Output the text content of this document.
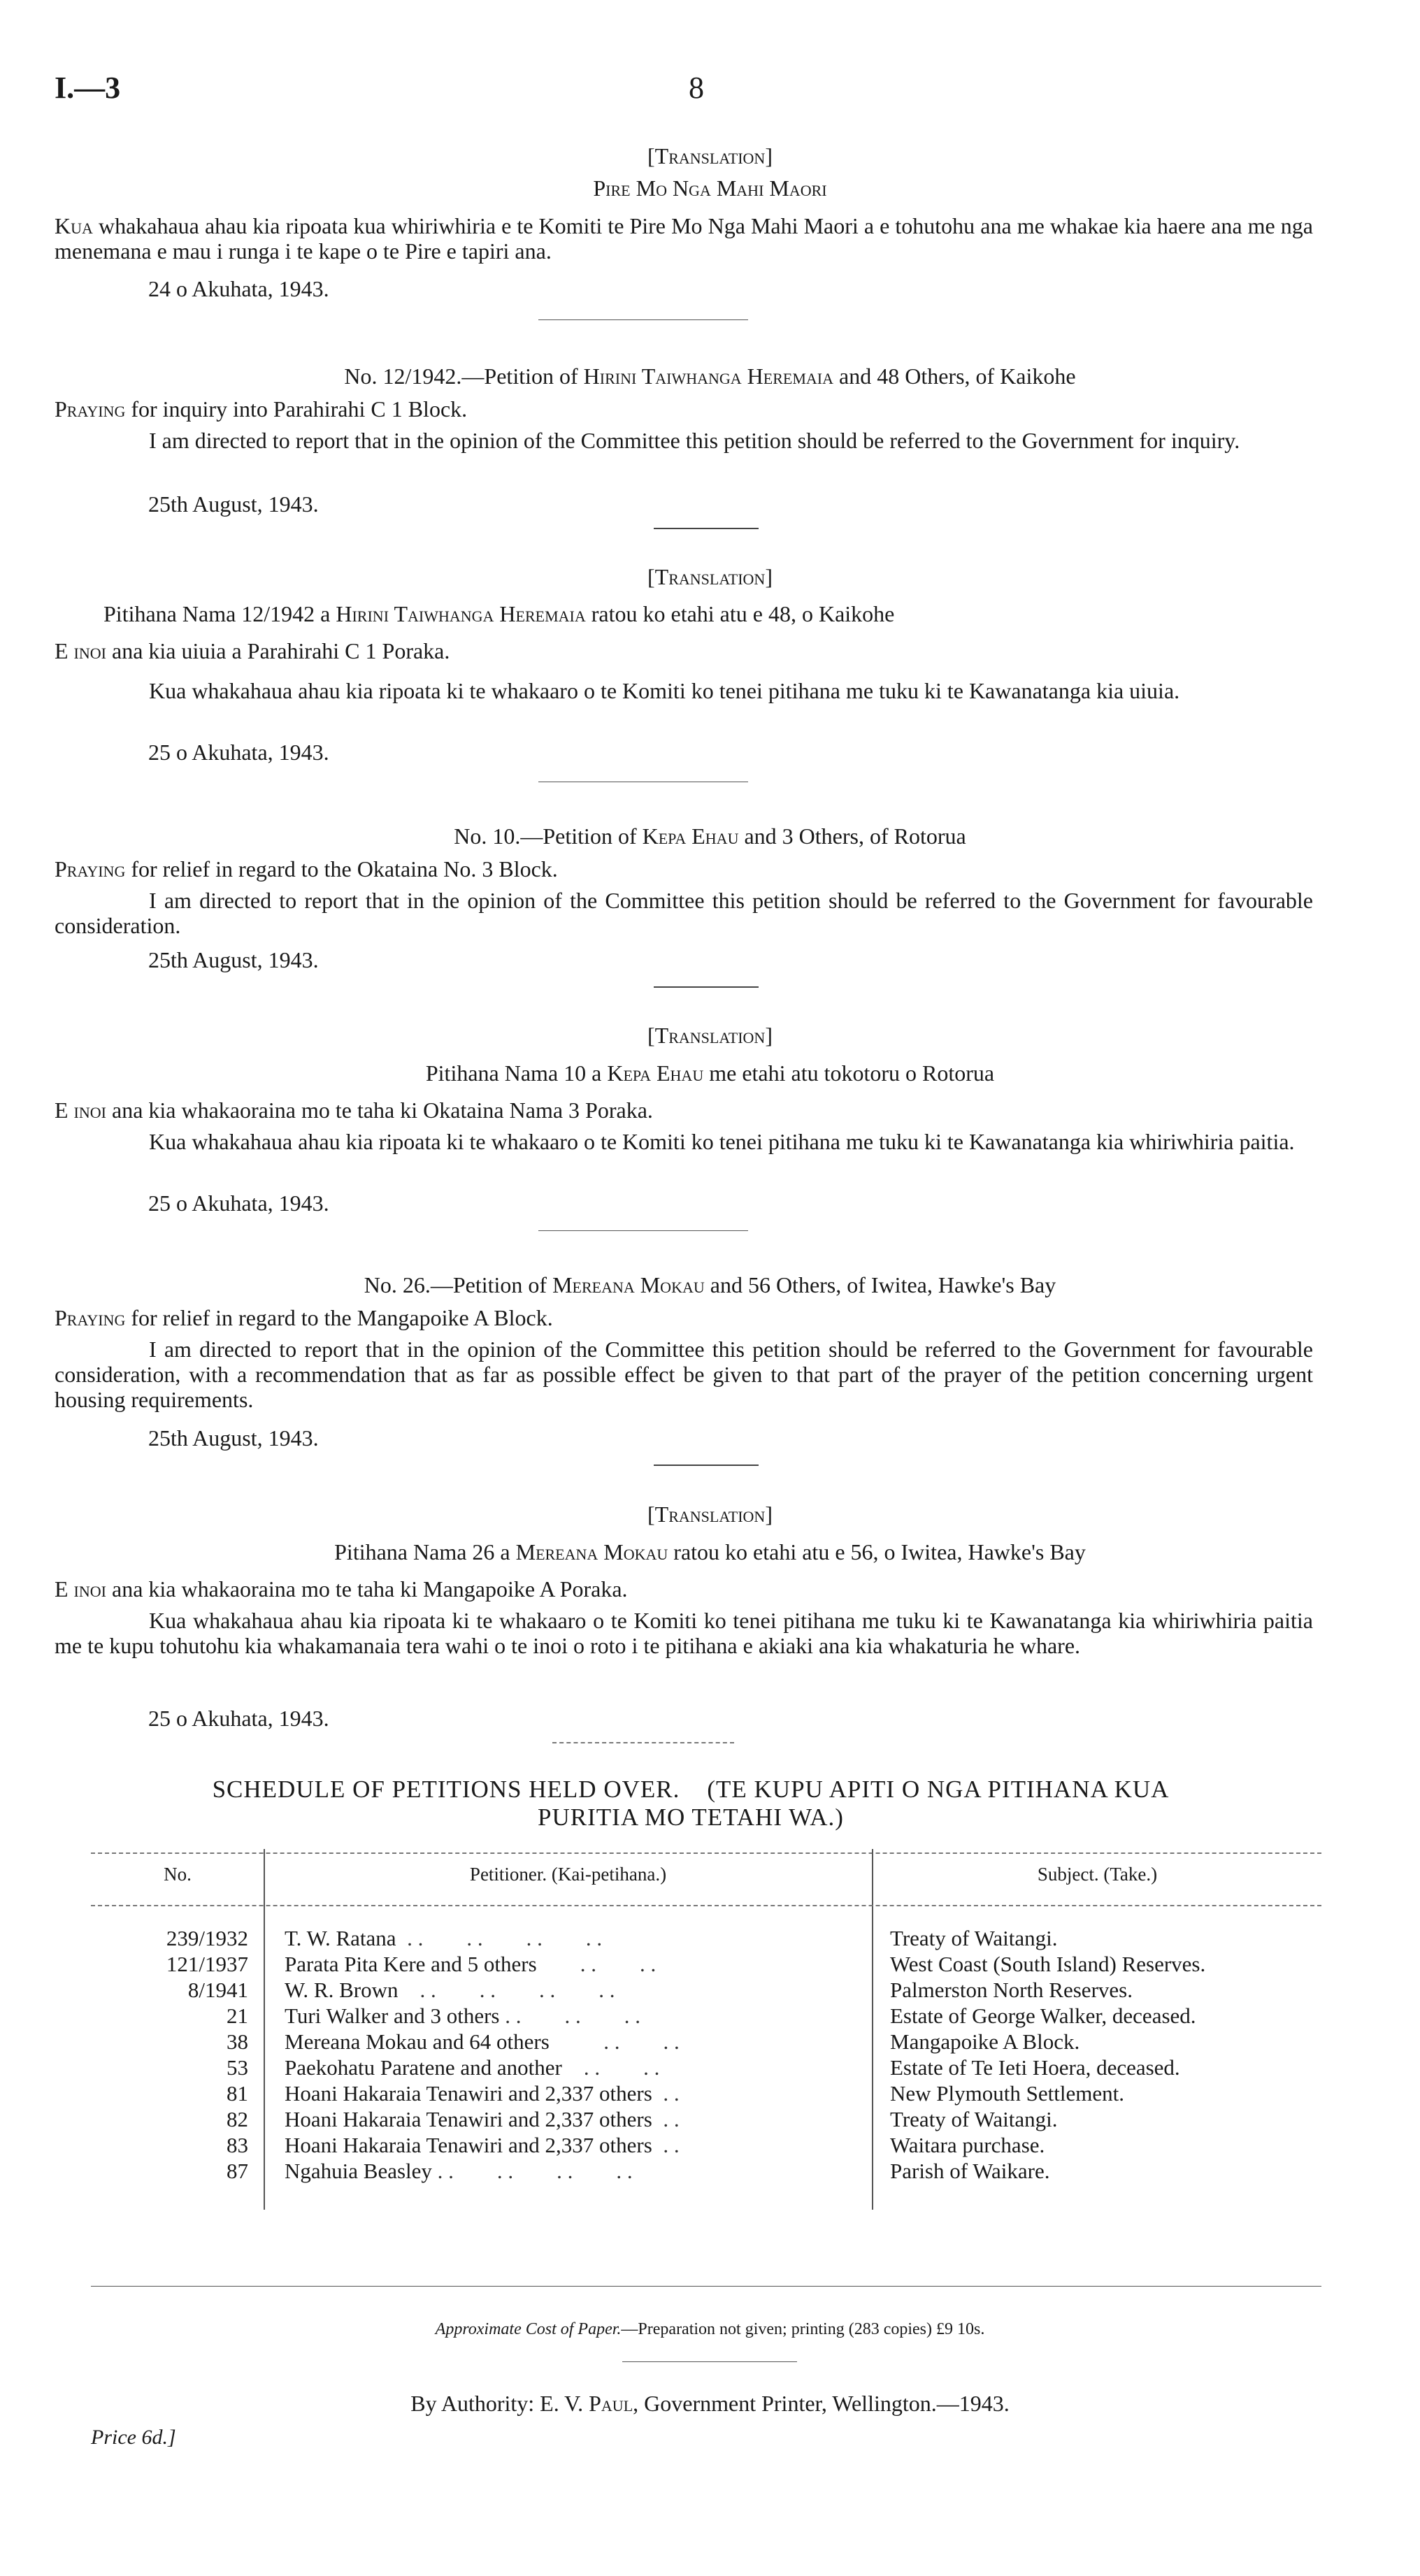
I.—3	8
[Translation]
Pire Mo Nga Mahi Maori
Kua whakahaua ahau kia ripoata kua whiriwhiria e te Komiti te Pire Mo Nga Mahi Maori a e tohutohu ana me whakae kia haere ana me nga menemana e mau i runga i te kape o te Pire e tapiri ana.
24 o Akuhata, 1943.
No. 12/1942.—Petition of Hirini Taiwhanga Heremaia and 48 Others, of Kaikohe
Praying for inquiry into Parahirahi C 1 Block.
I am directed to report that in the opinion of the Committee this petition should be referred to the Government for inquiry.
25th August, 1943.
[Translation]
Pitihana Nama 12/1942 a Hirini Taiwhanga Heremaia ratou ko etahi atu e 48, o Kaikohe
E inoi ana kia uiuia a Parahirahi C 1 Poraka.
Kua whakahaua ahau kia ripoata ki te whakaaro o te Komiti ko tenei pitihana me tuku ki te Kawanatanga kia uiuia.
25 o Akuhata, 1943.
No. 10.—Petition of Kepa Ehau and 3 Others, of Rotorua
Praying for relief in regard to the Okataina No. 3 Block.
I am directed to report that in the opinion of the Committee this petition should be referred to the Government for favourable consideration.
25th August, 1943.
[Translation]
Pitihana Nama 10 a Kepa Ehau me etahi atu tokotoru o Rotorua
E inoi ana kia whakaoraina mo te taha ki Okataina Nama 3 Poraka.
Kua whakahaua ahau kia ripoata ki te whakaaro o te Komiti ko tenei pitihana me tuku ki te Kawanatanga kia whiriwhiria paitia.
25 o Akuhata, 1943.
No. 26.—Petition of Mereana Mokau and 56 Others, of Iwitea, Hawke's Bay
Praying for relief in regard to the Mangapoike A Block.
I am directed to report that in the opinion of the Committee this petition should be referred to the Government for favourable consideration, with a recommendation that as far as possible effect be given to that part of the prayer of the petition concerning urgent housing requirements.
25th August, 1943.
[Translation]
Pitihana Nama 26 a Mereana Mokau ratou ko etahi atu e 56, o Iwitea, Hawke's Bay
E inoi ana kia whakaoraina mo te taha ki Mangapoike A Poraka.
Kua whakahaua ahau kia ripoata ki te whakaaro o te Komiti ko tenei pitihana me tuku ki te Kawanatanga kia whiriwhiria paitia me te kupu tohutohu kia whakamanaia tera wahi o te inoi o roto i te pitihana e akiaki ana kia whakaturia he whare.
25 o Akuhata, 1943.
SCHEDULE OF PETITIONS HELD OVER.    (TE KUPU APITI O NGA PITIHANA KUA
PURITIA MO TETAHI WA.)
No.	Petitioner. (Kai-petihana.)	Subject. (Take.)

239/1932	T. W. Ratana  . .        . .        . .        . .	Treaty of Waitangi.
121/1937	Parata Pita Kere and 5 others        . .        . .	West Coast (South Island) Reserves.
8/1941	W. R. Brown    . .        . .        . .        . .	Palmerston North Reserves.
21	Turi Walker and 3 others . .        . .        . .	Estate of George Walker, deceased.
38	Mereana Mokau and 64 others          . .        . .	Mangapoike A Block.
53	Paekohatu Paratene and another    . .        . .	Estate of Te Ieti Hoera, deceased.
81	Hoani Hakaraia Tenawiri and 2,337 others  . .	New Plymouth Settlement.
82	Hoani Hakaraia Tenawiri and 2,337 others  . .	Treaty of Waitangi.
83	Hoani Hakaraia Tenawiri and 2,337 others  . .	Waitara purchase.
87	Ngahuia Beasley . .        . .        . .        . .	Parish of Waikare.

Approximate Cost of Paper.—Preparation not given; printing (283 copies) £9 10s.
By Authority: E. V. Paul, Government Printer, Wellington.—1943.
Price 6d.]
